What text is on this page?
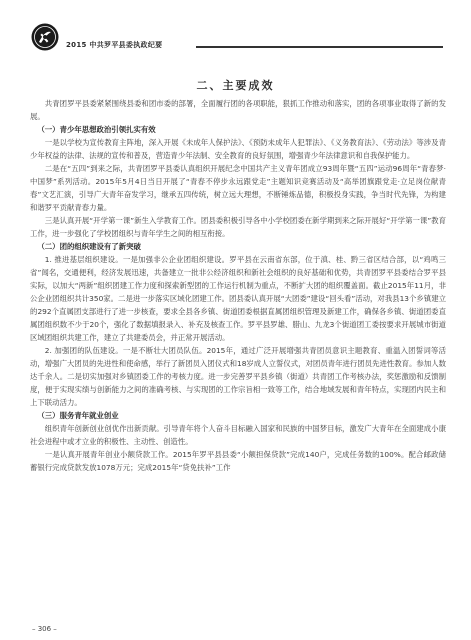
2015 中共罗平县委执政纪要
二、主要成效

共青团罗平县委紧紧围绕县委和团市委的部署，全面履行团的各项职能，狠抓工作推动和落实，团的各项事业取得了新的发展。

（一）青少年思想政治引领扎实有效

一是以学校为宣传教育主阵地，深入开展《未成年人保护法》、《预防未成年人犯罪法》、《义务教育法》、《劳动法》等涉及青少年权益的法律、法规的宣传和普及，营造青少年法制、安全教育的良好氛围，增强青少年法律意识和自我保护能力。

二是在“五四”到来之际，共青团罗平县委认真组织开展纪念中国共产主义青年团成立93周年暨“五四”运动96周年“青春梦·中国梦”系列活动。2015年5月4日当日开展了“青春不停步永远跟党走”主题知识竞赛活动及“高举团旗跟党走·立足岗位献青春”文艺汇演，引导广大青年奋发学习，继承五四传统，树立远大理想，不断锤炼品德，积极投身实践，争当时代先锋，为构建和谐罗平贡献青春力量。

三是认真开展“开学第一课”新生入学教育工作。团县委积极引导各中小学校团委在新学期到来之际开展好“开学第一课”教育工作，进一步强化了学校团组织与青年学生之间的相互衔接。

（二）团的组织建设有了新突破

1. 推进基层组织建设。一是加强非公企业团组织建设。罗平县在云南省东部，位于滇、桂、黔三省区结合部，以“鸡鸣三省”闻名，交通便利，经济发展迅速，共备建立一批非公经济组织和新社会组织的良好基础和优势，共青团罗平县委结合罗平县实际，以加大“两新”组织团建工作力度和探索新型团的工作运行机制为重点，不断扩大团的组织覆盖面。截止2015年11月，非公企业团组织共计350家。二是进一步落实区域化团建工作。团县委认真开展“大团委”建设“回头看”活动，对我县13个乡镇建立的292个直属团支部进行了进一步核查，要求全县各乡镇、街道团委根据直属团组织管理及新建工作，确保各乡镇、街道团委直属团组织数不少于20个，强化了数据填报录入、补充及核查工作。罗平县罗雄、腊山、九龙3个街道团工委按要求开展城市街道区域团组织共建工作，建立了共建委员会，并正常开展活动。

2. 加强团的队伍建设。一是不断壮大团员队伍。2015年，通过广泛开展增强共青团员意识主题教育、重温入团誓词等活动，增强广大团员的先进性和使命感，举行了新团员入团仪式和18岁成人立誓仪式，对团员青年进行团员先进性教育。参加人数达千余人。二是切实加强对乡镇团委工作的考核力度。进一步完善罗平县乡镇（街道）共青团工作考核办法，奖惩激励和反馈制度，便于实现实绩与创新能力之间的准确考核、与实现团的工作宗旨相一致等工作，结合地域发展和青年特点，实现团内民主和上下联动活力。

（三）服务青年就业创业

组织青年创新创业创优作出新贡献。引导青年将个人奋斗目标融入国家和民族的中国梦目标，激发广大青年在全面建成小康社会进程中或才立业的积极性、主动性、创造性。

一是认真开展青年创业小额贷款工作。2015年罗平县县委“小额担保贷款”完成140户，完成任务数的100%。配合邮政储蓄银行完成贷款发放1078万元；完成2015年“贷免扶补”工作

– 306 –
